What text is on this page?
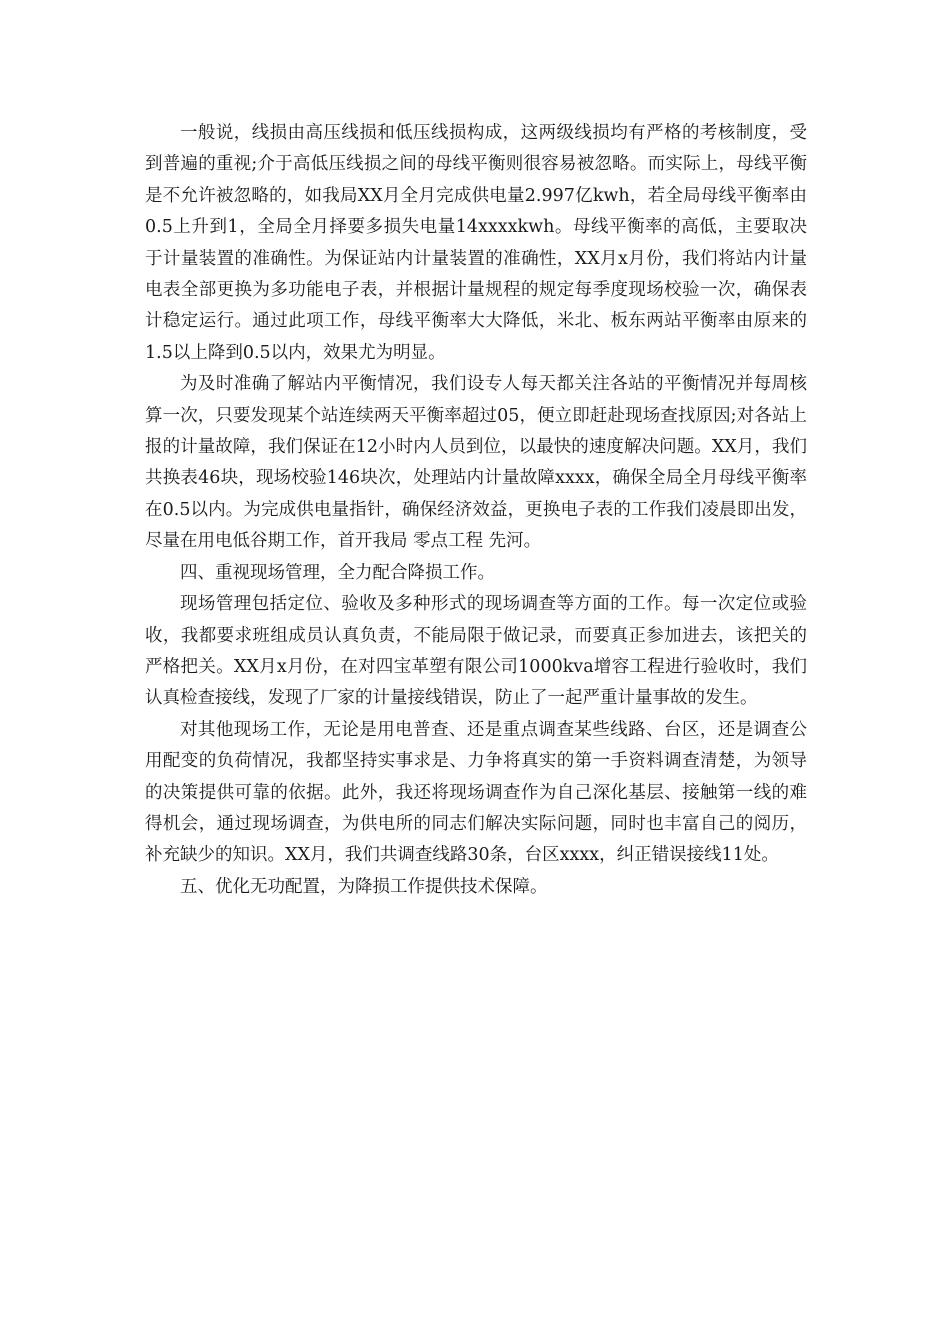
一般说，线损由高压线损和低压线损构成，这两级线损均有严格的考核制度，受到普遍的重视;介于高低压线损之间的母线平衡则很容易被忽略。而实际上，母线平衡是不允许被忽略的，如我局XX月全月完成供电量2.997亿kwh，若全局母线平衡率由0.5上升到1，全局全月择要多损失电量14xxxxkwh。母线平衡率的高低，主要取决于计量装置的准确性。为保证站内计量装置的准确性，XX月x月份，我们将站内计量电表全部更换为多功能电子表，并根据计量规程的规定每季度现场校验一次，确保表计稳定运行。通过此项工作，母线平衡率大大降低，米北、板东两站平衡率由原来的1.5以上降到0.5以内，效果尤为明显。

为及时准确了解站内平衡情况，我们设专人每天都关注各站的平衡情况并每周核算一次，只要发现某个站连续两天平衡率超过05，便立即赶赴现场查找原因;对各站上报的计量故障，我们保证在12小时内人员到位，以最快的速度解决问题。XX月，我们共换表46块，现场校验146块次，处理站内计量故障xxxx，确保全局全月母线平衡率在0.5以内。为完成供电量指针，确保经济效益，更换电子表的工作我们凌晨即出发，尽量在用电低谷期工作，首开我局 零点工程 先河。

四、重视现场管理，全力配合降损工作。

现场管理包括定位、验收及多种形式的现场调查等方面的工作。每一次定位或验收，我都要求班组成员认真负责，不能局限于做记录，而要真正参加进去，该把关的严格把关。XX月x月份，在对四宝革塑有限公司1000kva增容工程进行验收时，我们认真检查接线，发现了厂家的计量接线错误，防止了一起严重计量事故的发生。

对其他现场工作，无论是用电普查、还是重点调查某些线路、台区，还是调查公用配变的负荷情况，我都坚持实事求是、力争将真实的第一手资料调查清楚，为领导的决策提供可靠的依据。此外，我还将现场调查作为自己深化基层、接触第一线的难得机会，通过现场调查，为供电所的同志们解决实际问题，同时也丰富自己的阅历，补充缺少的知识。XX月，我们共调查线路30条，台区xxxx，纠正错误接线11处。

五、优化无功配置，为降损工作提供技术保障。
